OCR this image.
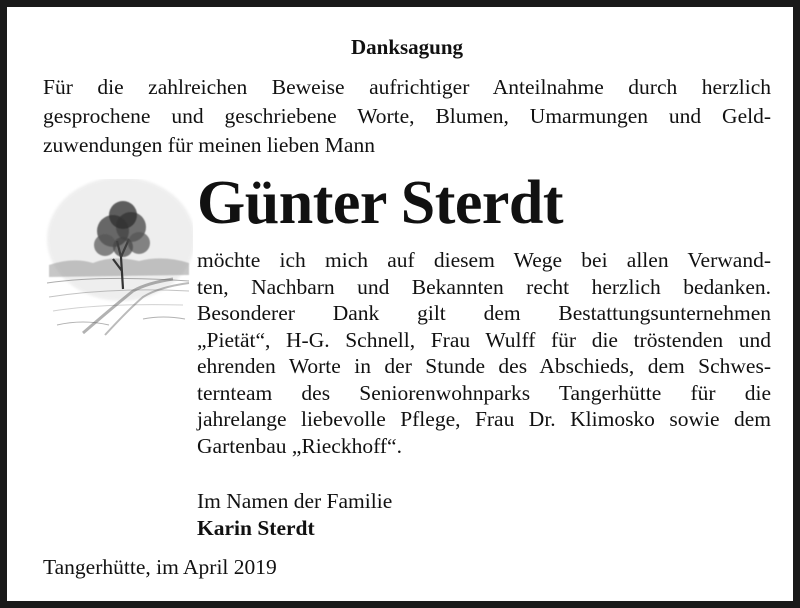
Danksagung
Für die zahlreichen Beweise aufrichtiger Anteilnahme durch herzlich
gesprochene und geschriebene Worte, Blumen, Umarmungen und Geld-
zuwendungen für meinen lieben Mann
Günter Sterdt
möchte ich mich auf diesem Wege bei allen Verwand-
ten, Nachbarn und Bekannten recht herzlich bedanken.
Besonderer Dank gilt dem Bestattungsunternehmen
„Pietät“, H-G. Schnell, Frau Wulff für die tröstenden und
ehrenden Worte in der Stunde des Abschieds, dem Schwes-
ternteam des Seniorenwohnparks Tangerhütte für die
jahrelange liebevolle Pflege, Frau Dr. Klimosko sowie dem
Gartenbau „Rieckhoff“.
Im Namen der Familie
Karin Sterdt
Tangerhütte, im April 2019
